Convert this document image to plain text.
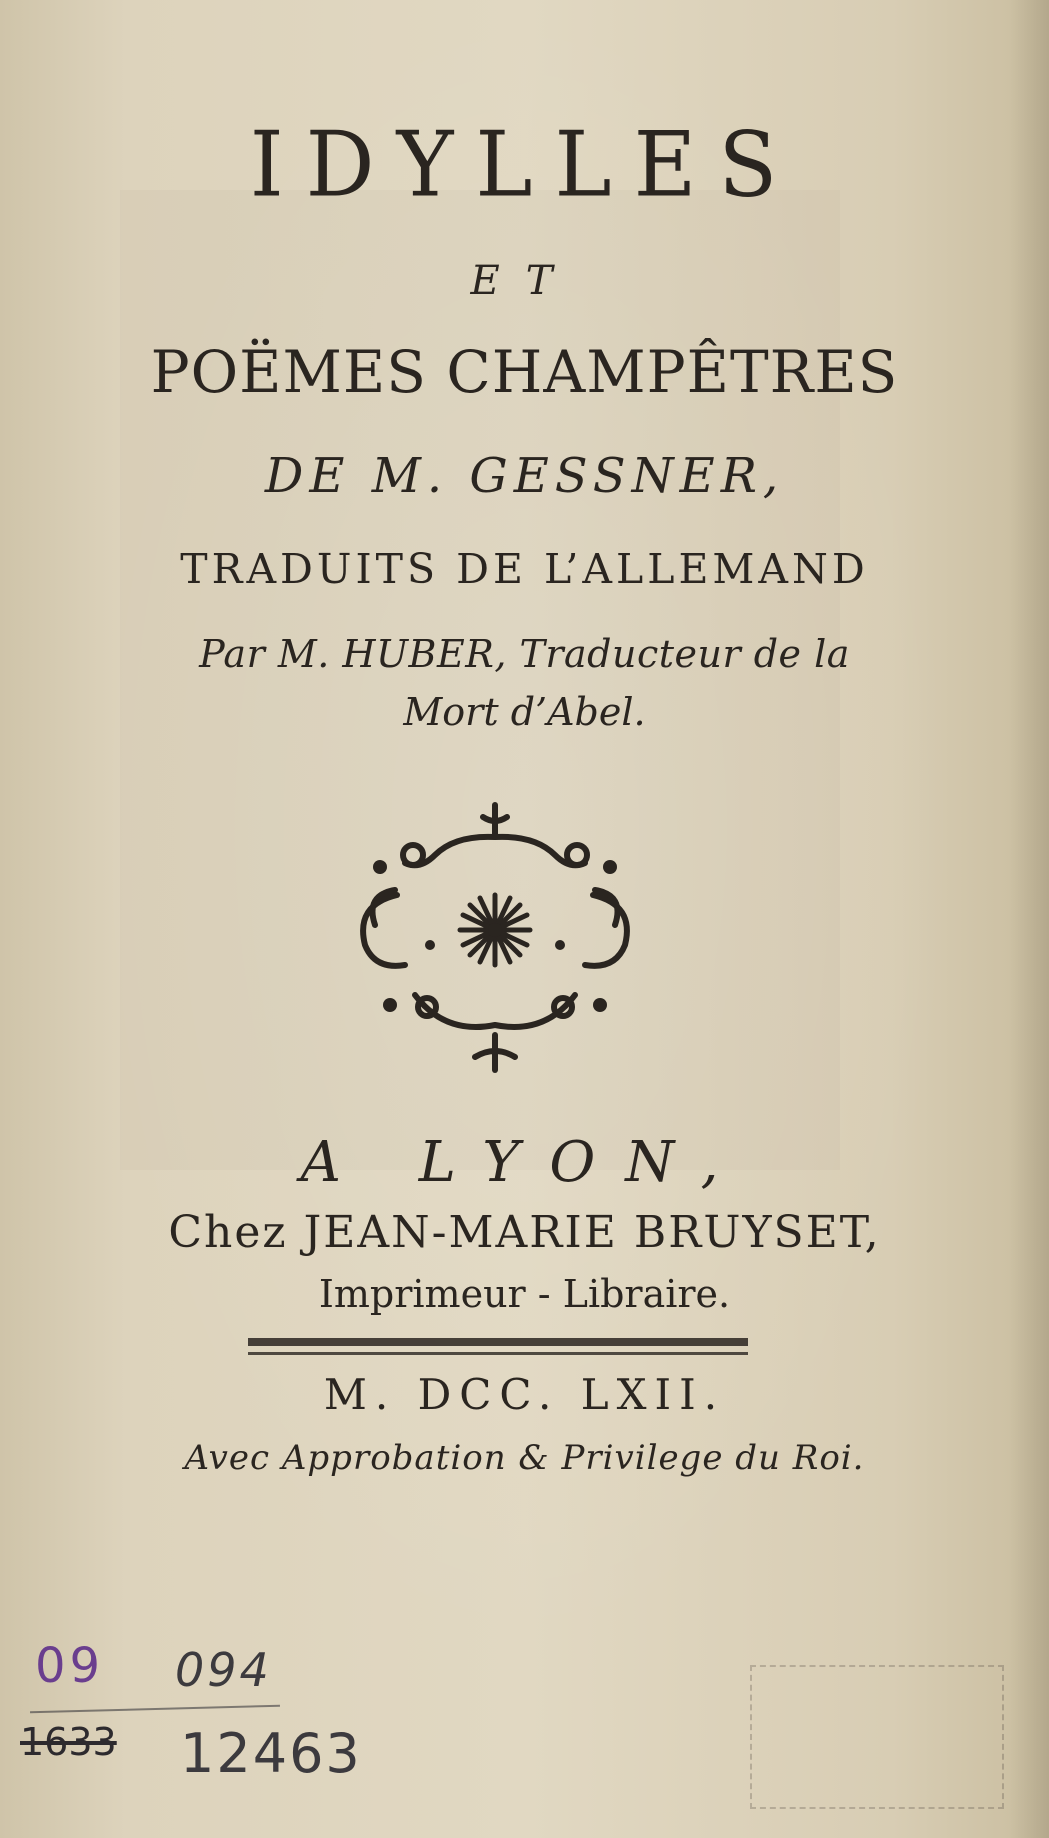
IDYLLES
ET
POËMES CHAMPÊTRES
DE M. GESSNER,
TRADUITS DE L’ALLEMAND
Par M. HUBER, Traducteur de la
Mort d’Abel.
A LYON,
Chez JEAN-MARIE BRUYSET,
Imprimeur - Libraire.
M. DCC. LXII.
Avec Approbation & Privilege du Roi.
09 094
1633 12463
